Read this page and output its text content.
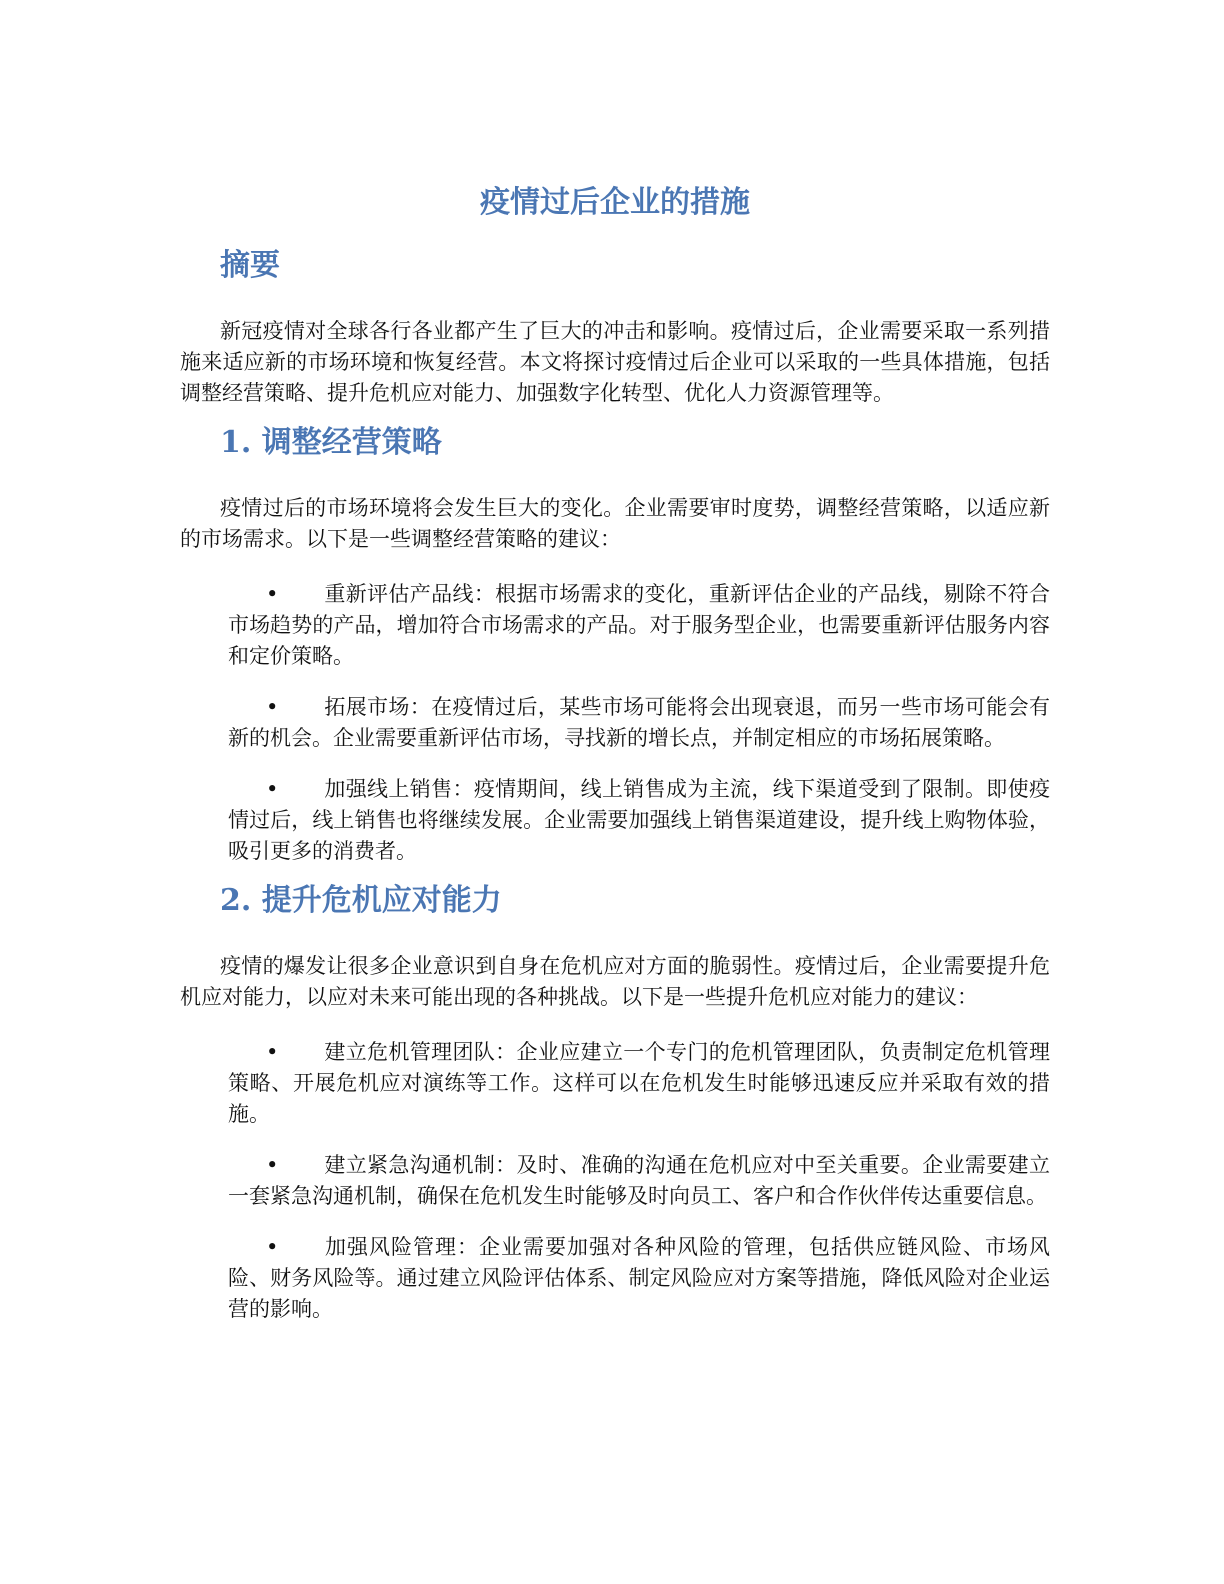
疫情过后企业的措施
摘要

新冠疫情对全球各行各业都产生了巨大的冲击和影响。疫情过后，企业需要采取一系列措施来适应新的市场环境和恢复经营。本文将探讨疫情过后企业可以采取的一些具体措施，包括调整经营策略、提升危机应对能力、加强数字化转型、优化人力资源管理等。

1. 调整经营策略

疫情过后的市场环境将会发生巨大的变化。企业需要审时度势，调整经营策略，以适应新的市场需求。以下是一些调整经营策略的建议：

• 重新评估产品线：根据市场需求的变化，重新评估企业的产品线，剔除不符合市场趋势的产品，增加符合市场需求的产品。对于服务型企业，也需要重新评估服务内容和定价策略。
• 拓展市场：在疫情过后，某些市场可能将会出现衰退，而另一些市场可能会有新的机会。企业需要重新评估市场，寻找新的增长点，并制定相应的市场拓展策略。
• 加强线上销售：疫情期间，线上销售成为主流，线下渠道受到了限制。即使疫情过后，线上销售也将继续发展。企业需要加强线上销售渠道建设，提升线上购物体验，吸引更多的消费者。
2. 提升危机应对能力

疫情的爆发让很多企业意识到自身在危机应对方面的脆弱性。疫情过后，企业需要提升危机应对能力，以应对未来可能出现的各种挑战。以下是一些提升危机应对能力的建议：

• 建立危机管理团队：企业应建立一个专门的危机管理团队，负责制定危机管理策略、开展危机应对演练等工作。这样可以在危机发生时能够迅速反应并采取有效的措施。
• 建立紧急沟通机制：及时、准确的沟通在危机应对中至关重要。企业需要建立一套紧急沟通机制，确保在危机发生时能够及时向员工、客户和合作伙伴传达重要信息。
• 加强风险管理：企业需要加强对各种风险的管理，包括供应链风险、市场风险、财务风险等。通过建立风险评估体系、制定风险应对方案等措施，降低风险对企业运营的影响。
